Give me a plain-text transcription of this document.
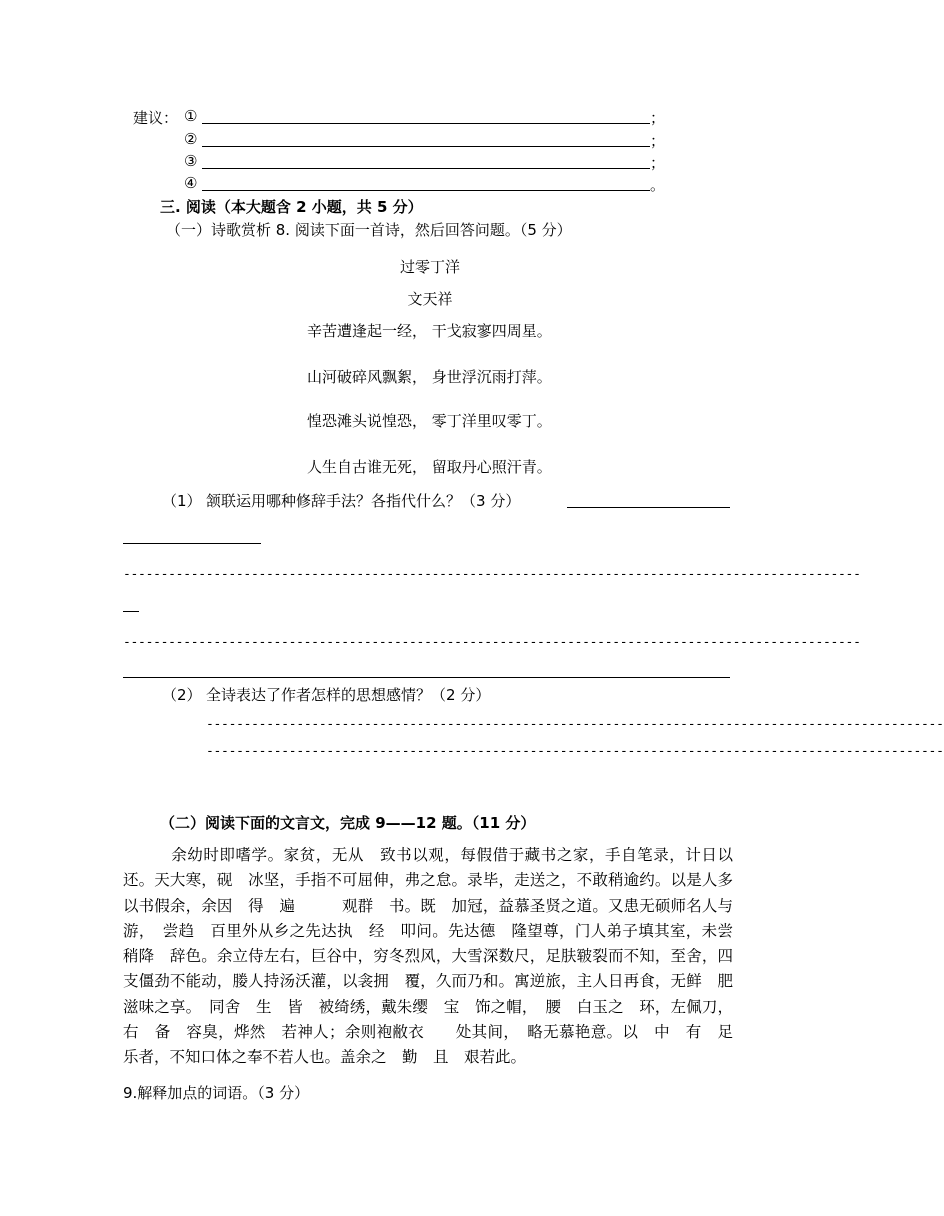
建议： ①	；
②	；
③	；
④	。
三. 阅读（本大题含 2 小题，共 5 分）
（一）诗歌赏析 8. 阅读下面一首诗，然后回答问题。（5 分）
过零丁洋
文天祥
辛苦遭逢起一经， 干戈寂寥四周星。
山河破碎风飘絮， 身世浮沉雨打萍。
惶恐滩头说惶恐， 零丁洋里叹零丁。
人生自古谁无死， 留取丹心照汗青。
（1） 颔联运用哪种修辞手法？各指代什么？（3 分）
--------------------------------------------------------------------------------------------------
--------------------------------------------------------------------------------------------------
（2） 全诗表达了作者怎样的思想感情？（2 分）
--------------------------------------------------------------------------------------------------
--------------------------------------------------------------------------------------------------
（二）阅读下面的文言文，完成 9——12 题。（11 分）
　　　余幼时即嗜学。家贫，无从　致书以观，每假借于藏书之家，手自笔录，计日以还。天大寒，砚　冰坚，手指不可屈伸，弗之怠。录毕，走送之，不敢稍逾约。以是人多以书假余，余因　得　遍　　　观群　书。既　加冠，益慕圣贤之道。又患无硕师名人与游，　尝趋　百里外从乡之先达执　经　叩问。先达德　隆望尊，门人弟子填其室，未尝稍降　辞色。余立侍左右，巨谷中，穷冬烈风，大雪深数尺，足肤皲裂而不知，至舍，四支僵劲不能动，媵人持汤沃灌，以衾拥　覆，久而乃和。寓逆旅，主人日再食，无鲜　肥　滋味之享。　同舍　生　皆　被绮绣，戴朱缨　宝　饰之帽，　腰　白玉之　环，左佩刀，右　备　容臭，烨然　若神人；余则袍敝衣　　处其间，　略无慕艳意。以　中　有　足乐者，不知口体之奉不若人也。盖余之　勤　且　艰若此。
9.解释加点的词语。（3 分）
